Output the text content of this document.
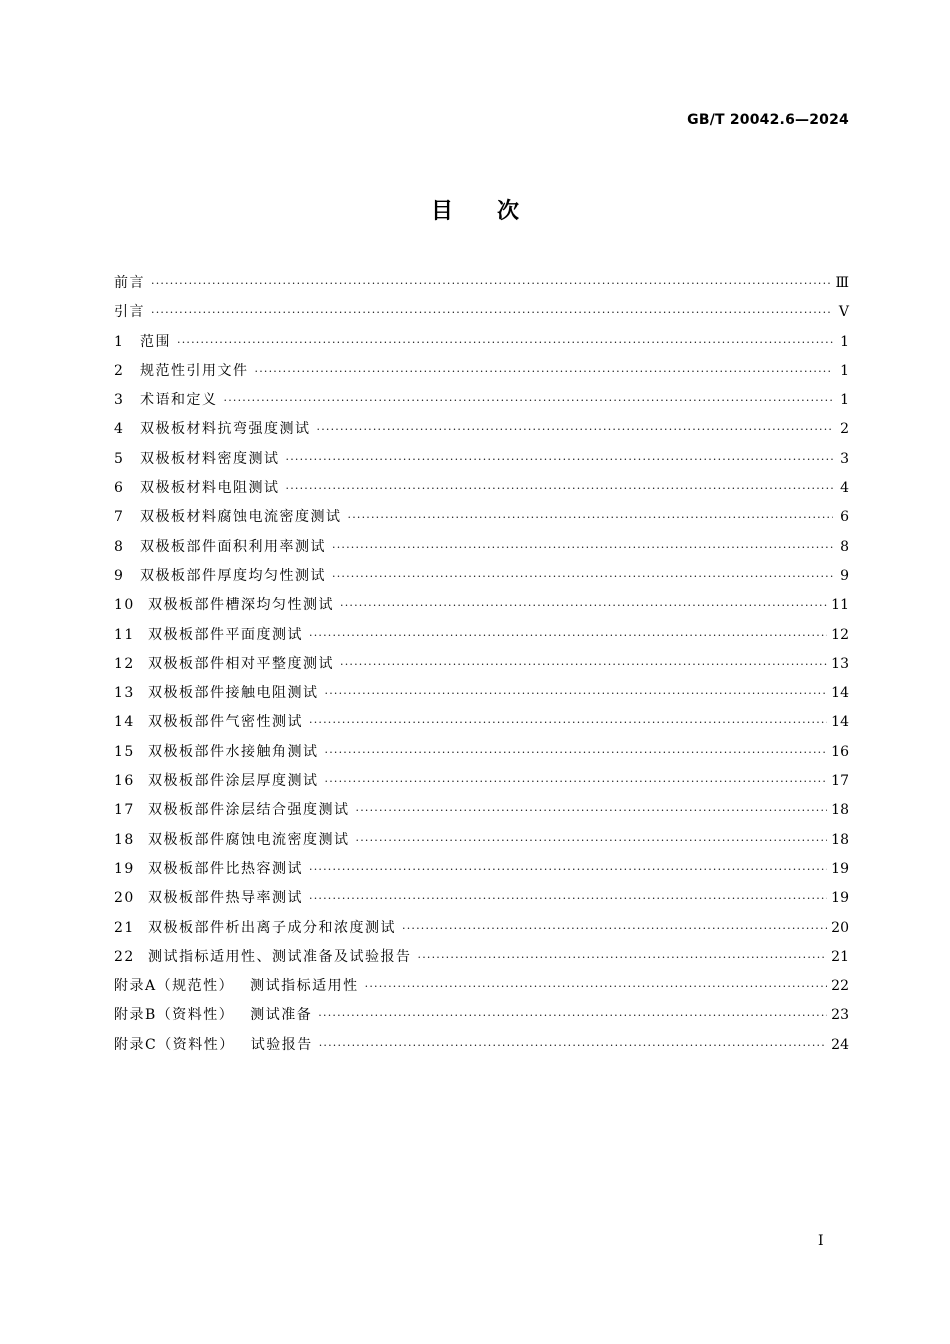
GB/T 20042.6—2024
目次
前言 ·····	Ⅲ
引言 ·····	Ⅴ
1	范围 ·····	1
2	规范性引用文件 ·····	1
3	术语和定义 ·····	1
4	双极板材料抗弯强度测试 ·····	2
5	双极板材料密度测试 ·····	3
6	双极板材料电阻测试 ·····	4
7	双极板材料腐蚀电流密度测试 ·····	6
8	双极板部件面积利用率测试 ·····	8
9	双极板部件厚度均匀性测试 ·····	9
10 双极板部件槽深均匀性测试 ·····	11
11 双极板部件平面度测试 ·····	12
12 双极板部件相对平整度测试 ·····	13
13 双极板部件接触电阻测试 ·····	14
14 双极板部件气密性测试 ·····	14
15 双极板部件水接触角测试 ·····	16
16 双极板部件涂层厚度测试 ·····	17
17 双极板部件涂层结合强度测试 ·····	18
18 双极板部件腐蚀电流密度测试 ·····	18
19 双极板部件比热容测试 ·····	19
20 双极板部件热导率测试 ·····	19
21 双极板部件析出离子成分和浓度测试 ·····	20
22 测试指标适用性、测试准备及试验报告 ·····	21
附录A（规范性） 测试指标适用性 ·····	22
附录B（资料性） 测试准备 ·····	23
附录C（资料性） 试验报告 ·····	24
Ⅰ
